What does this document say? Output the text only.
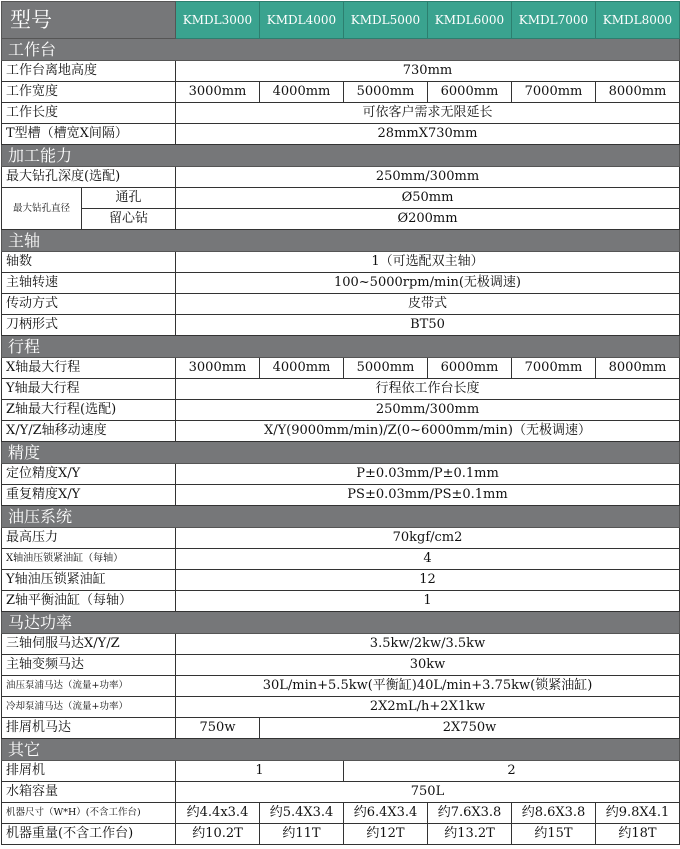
型号		KMDL3000	KMDL4000	KMDL5000	KMDL6000	KMDL7000	KMDL8000
工作台							
工作台离地高度		730mm					
工作宽度		3000mm	4000mm	5000mm	6000mm	7000mm	8000mm
工作长度		可依客户需求无限延长					
T型槽（槽宽X间隔）		28mmX730mm					
加工能力							
最大钻孔深度(选配)		250mm/300mm					
最大钻孔直径	通孔	Ø50mm					
	留心钻	Ø200mm					
主轴							
轴数		1（可选配双主轴）					
主轴转速		100~5000rpm/min(无极调速)					
传动方式		皮带式					
刀柄形式		BT50					
行程							
X轴最大行程		3000mm	4000mm	5000mm	6000mm	7000mm	8000mm
Y轴最大行程		行程依工作台长度					
Z轴最大行程(选配)		250mm/300mm					
X/Y/Z轴移动速度		X/Y(9000mm/min)/Z(0~6000mm/min)（无极调速）					
精度							
定位精度X/Y		P±0.03mm/P±0.1mm					
重复精度X/Y		PS±0.03mm/PS±0.1mm					
油压系统							
最高压力		70kgf/cm2					
X轴油压锁紧油缸（每轴）		4					
Y轴油压锁紧油缸		12					
Z轴平衡油缸（每轴）		1					
马达功率							
三轴伺服马达X/Y/Z		3.5kw/2kw/3.5kw					
主轴变频马达		30kw					
油压泵浦马达（流量+功率）		30L/min+5.5kw(平衡缸)40L/min+3.75kw(锁紧油缸)					
冷却泵浦马达（流量+功率）		2X2mL/h+2X1kw					
排屑机马达		750w	2X750w				
其它							
排屑机		1		2			
水箱容量		750L					
机器尺寸（W*H）(不含工作台)		约4.4x3.4	约5.4X3.4	约6.4X3.4	约7.6X3.8	约8.6X3.8	约9.8X4.1
机器重量(不含工作台)		约10.2T	约11T	约12T	约13.2T	约15T	约18T
